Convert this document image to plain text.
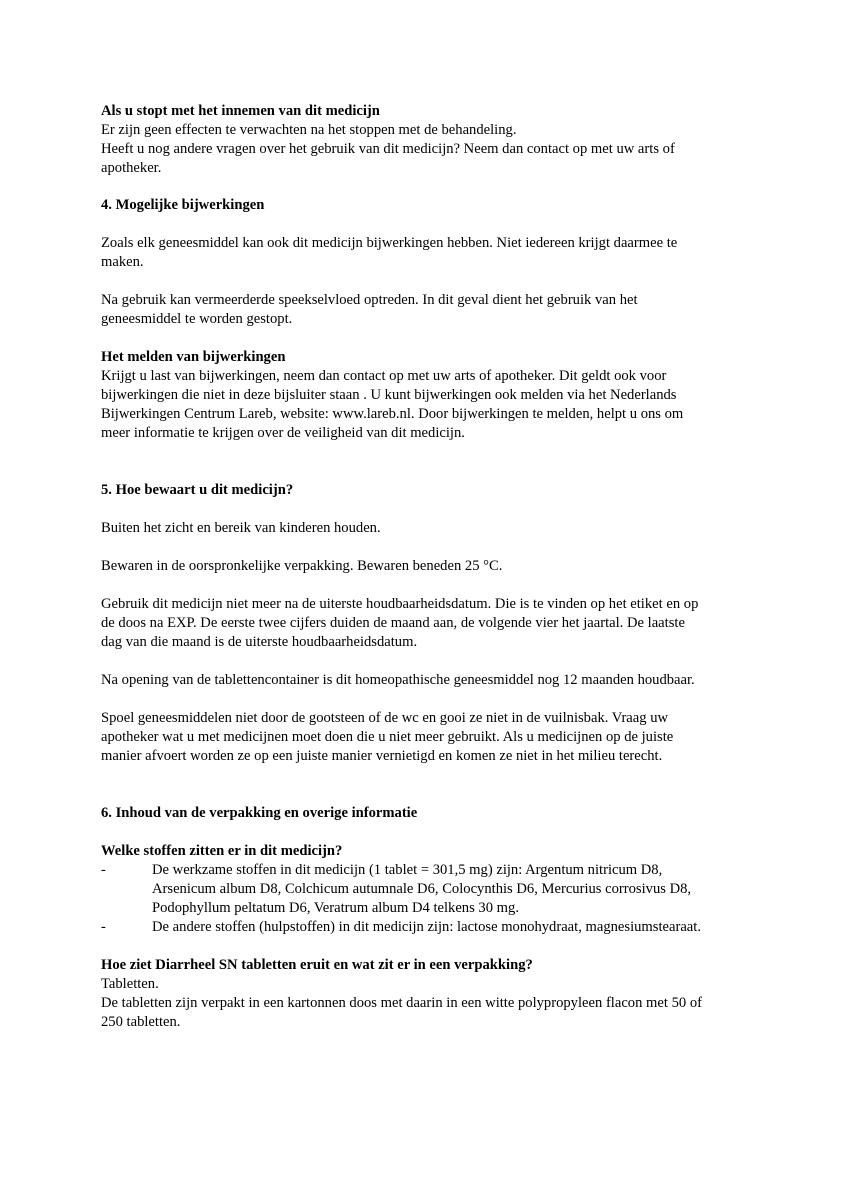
Als u stopt met het innemen van dit medicijn
Er zijn geen effecten te verwachten na het stoppen met de behandeling.
Heeft u nog andere vragen over het gebruik van dit medicijn? Neem dan contact op met uw arts of
apotheker.
4. Mogelijke bijwerkingen
Zoals elk geneesmiddel kan ook dit medicijn bijwerkingen hebben. Niet iedereen krijgt daarmee te
maken.
Na gebruik kan vermeerderde speekselvloed optreden. In dit geval dient het gebruik van het
geneesmiddel te worden gestopt.
Het melden van bijwerkingen
Krijgt u last van bijwerkingen, neem dan contact op met uw arts of apotheker. Dit geldt ook voor
bijwerkingen die niet in deze bijsluiter staan . U kunt bijwerkingen ook melden via het Nederlands
Bijwerkingen Centrum Lareb, website: www.lareb.nl. Door bijwerkingen te melden, helpt u ons om
meer informatie te krijgen over de veiligheid van dit medicijn.
5. Hoe bewaart u dit medicijn?
Buiten het zicht en bereik van kinderen houden.
Bewaren in de oorspronkelijke verpakking. Bewaren beneden 25 °C.
Gebruik dit medicijn niet meer na de uiterste houdbaarheidsdatum. Die is te vinden op het etiket en op
de doos na EXP. De eerste twee cijfers duiden de maand aan, de volgende vier het jaartal. De laatste
dag van die maand is de uiterste houdbaarheidsdatum.
Na opening van de tablettencontainer is dit homeopathische geneesmiddel nog 12 maanden houdbaar.
Spoel geneesmiddelen niet door de gootsteen of de wc en gooi ze niet in de vuilnisbak. Vraag uw
apotheker wat u met medicijnen moet doen die u niet meer gebruikt. Als u medicijnen op de juiste
manier afvoert worden ze op een juiste manier vernietigd en komen ze niet in het milieu terecht.
6. Inhoud van de verpakking en overige informatie
Welke stoffen zitten er in dit medicijn?
-	De werkzame stoffen in dit medicijn (1 tablet = 301,5 mg) zijn: Argentum nitricum D8,
Arsenicum album D8, Colchicum autumnale D6, Colocynthis D6, Mercurius corrosivus D8,
Podophyllum peltatum D6, Veratrum album D4 telkens 30 mg.
-	De andere stoffen (hulpstoffen) in dit medicijn zijn: lactose monohydraat, magnesiumstearaat.
Hoe ziet Diarrheel SN tabletten eruit en wat zit er in een verpakking?
Tabletten.
De tabletten zijn verpakt in een kartonnen doos met daarin in een witte polypropyleen flacon met 50 of
250 tabletten.
